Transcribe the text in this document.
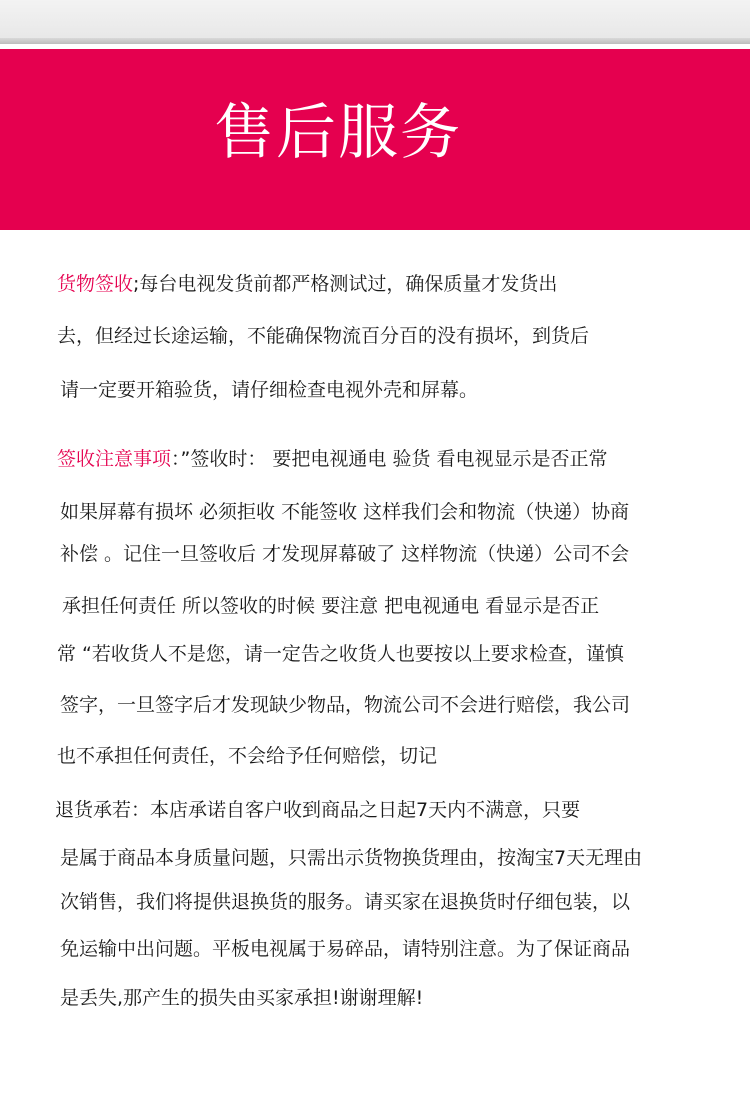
售后服务
货物签收;每台电视发货前都严格测试过，确保质量才发货出
去，但经过长途运输，不能确保物流百分百的没有损坏，到货后
请一定要开箱验货，请仔细检查电视外壳和屏幕。
签收注意事项：”签收时： 要把电视通电 验货 看电视显示是否正常
如果屏幕有损坏 必须拒收 不能签收 这样我们会和物流（快递）协商
补偿 。记住一旦签收后 才发现屏幕破了 这样物流（快递）公司不会
承担任何责任 所以签收的时候 要注意 把电视通电 看显示是否正
常 “若收货人不是您，请一定告之收货人也要按以上要求检查，谨慎
签字，一旦签字后才发现缺少物品，物流公司不会进行赔偿，我公司
也不承担任何责任，不会给予任何赔偿，切记
退货承若：本店承诺自客户收到商品之日起7天内不满意，只要
是属于商品本身质量问题，只需出示货物换货理由，按淘宝7天无理由
次销售，我们将提供退换货的服务。请买家在退换货时仔细包装，以
免运输中出问题。平板电视属于易碎品，请特别注意。为了保证商品
是丢失,那产生的损失由买家承担!谢谢理解!
